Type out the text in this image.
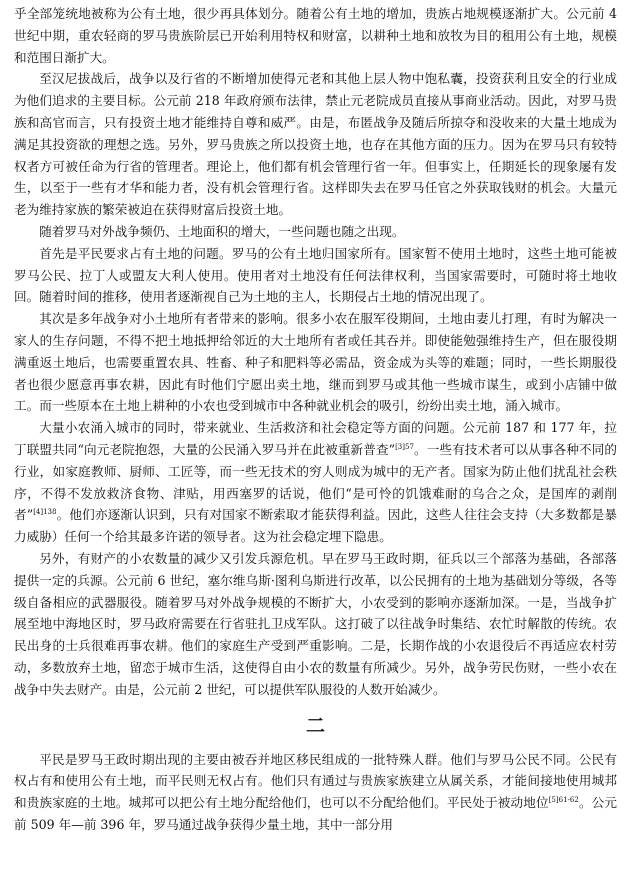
乎全部笼统地被称为公有土地，很少再具体划分。随着公有土地的增加，贵族占地规模逐渐扩大。公元前 4 世纪中期，重农轻商的罗马贵族阶层已开始利用特权和财富，以耕种土地和放牧为目的租用公有土地，规模和范围日渐扩大。

至汉尼拔战后，战争以及行省的不断增加使得元老和其他上层人物中饱私囊，投资获利且安全的行业成为他们追求的主要目标。公元前 218 年政府颁布法律，禁止元老院成员直接从事商业活动。因此，对罗马贵族和高官而言，只有投资土地才能维持自尊和威严。由是，布匿战争及随后所掠夺和没收来的大量土地成为满足其投资欲的理想之选。另外，罗马贵族之所以投资土地，也存在其他方面的压力。因为在罗马只有较特权者方可被任命为行省的管理者。理论上，他们都有机会管理行省一年。但事实上，任期延长的现象屡有发生，以至于一些有才华和能力者，没有机会管理行省。这样即失去在罗马任官之外获取钱财的机会。大量元老为维持家族的繁荣被迫在获得财富后投资土地。

随着罗马对外战争频仍、土地面积的增大，一些问题也随之出现。

首先是平民要求占有土地的问题。罗马的公有土地归国家所有。国家暂不使用土地时，这些土地可能被罗马公民、拉丁人或盟友大利人使用。使用者对土地没有任何法律权利，当国家需要时，可随时将土地收回。随着时间的推移，使用者逐渐视自己为土地的主人，长期侵占土地的情况出现了。

其次是多年战争对小土地所有者带来的影响。很多小农在服军役期间，土地由妻儿打理，有时为解决一家人的生存问题，不得不把土地抵押给邻近的大土地所有者或任其吞并。即使能勉强维持生产，但在服役期满重返土地后，也需要重置农具、牲畜、种子和肥料等必需品，资金成为头等的难题；同时，一些长期服役者也很少愿意再事农耕，因此有时他们宁愿出卖土地，继而到罗马或其他一些城市谋生，或到小店铺中做工。而一些原本在土地上耕种的小农也受到城市中各种就业机会的吸引，纷纷出卖土地，涌入城市。

大量小农涌入城市的同时，带来就业、生活救济和社会稳定等方面的问题。公元前 187 和 177 年，拉丁联盟共同“向元老院抱怨，大量的公民涌入罗马并在此被重新普查”$^{[3]57}$。一些有技术者可以从事各种不同的行业，如家庭教师、厨师、工匠等，而一些无技术的穷人则成为城中的无产者。国家为防止他们扰乱社会秩序，不得不发放救济食物、津贴，用西塞罗的话说，他们“是可怜的饥饿难耐的乌合之众，是国库的剥削者”$^{[4]138}$。他们亦逐渐认识到，只有对国家不断索取才能获得利益。因此，这些人往往会支持（大多数都是暴力威胁）任何一个给其最多许诺的领导者。这为社会稳定埋下隐患。

另外，有财产的小农数量的减少又引发兵源危机。早在罗马王政时期，征兵以三个部落为基础，各部落提供一定的兵源。公元前 6 世纪，塞尔维乌斯·图利乌斯进行改革，以公民拥有的土地为基础划分等级，各等级自备相应的武器服役。随着罗马对外战争规模的不断扩大，小农受到的影响亦逐渐加深。一是，当战争扩展至地中海地区时，罗马政府需要在行省驻扎卫戍军队。这打破了以往战争时集结、农忙时解散的传统。农民出身的士兵很难再事农耕。他们的家庭生产受到严重影响。二是，长期作战的小农退役后不再适应农村劳动，多数放弃土地，留恋于城市生活，这使得自由小农的数量有所减少。另外，战争劳民伤财，一些小农在战争中失去财产。由是，公元前 2 世纪，可以提供军队服役的人数开始减少。

二

平民是罗马王政时期出现的主要由被吞并地区移民组成的一批特殊人群。他们与罗马公民不同。公民有权占有和使用公有土地，而平民则无权占有。他们只有通过与贵族家族建立从属关系，才能间接地使用城邦和贵族家庭的土地。城邦可以把公有土地分配给他们，也可以不分配给他们。平民处于被动地位$^{[5]61-62}$。公元前 509 年—前 396 年，罗马通过战争获得少量土地，其中一部分用
